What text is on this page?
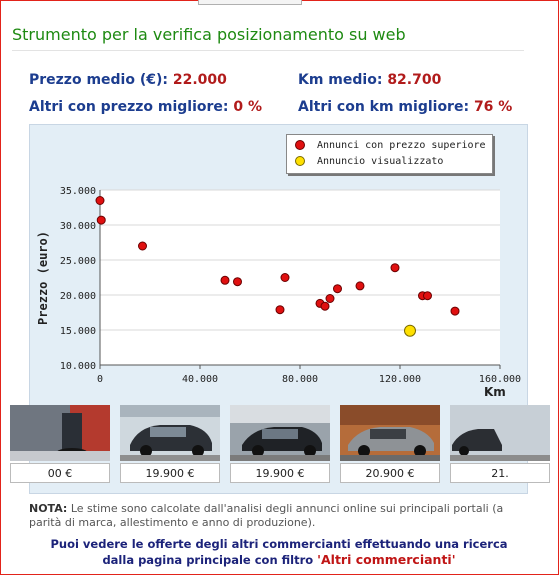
Strumento per la verifica posizionamento su web
Prezzo medio (€): 22.000	Km medio: 82.700
Altri con prezzo migliore: 0 %	Altri con km migliore: 76 %
10.000
15.000
20.000
25.000
30.000
35.000
0	40.000	80.000	120.000	160.000
Prezzo (euro)
Km
Annunci con prezzo superiore
Annuncio visualizzato
00 €	19.900 €	19.900 €	20.900 €	21.
NOTA: Le stime sono calcolate dall'analisi degli annunci online sui principali portali (a parità di marca, allestimento e anno di produzione).
Puoi vedere le offerte degli altri commercianti effettuando una ricerca
dalla pagina principale con filtro 'Altri commercianti'
